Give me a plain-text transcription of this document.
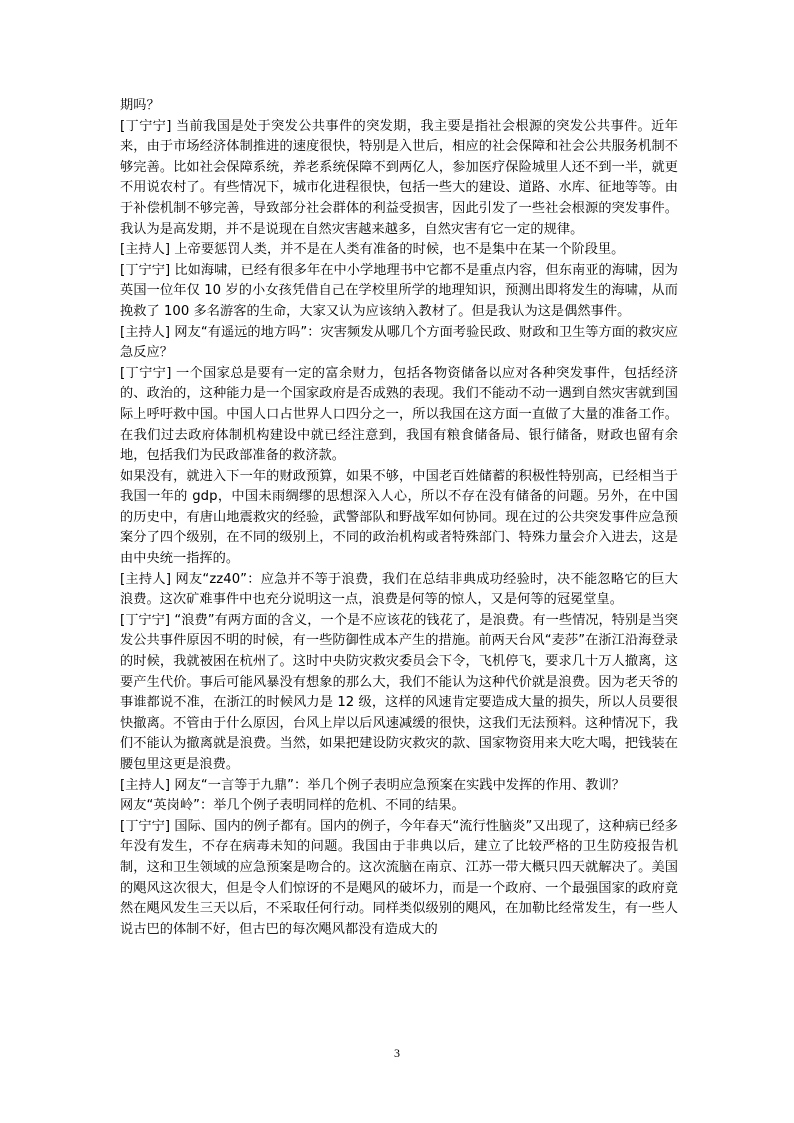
期吗？

[丁宁宁] 当前我国是处于突发公共事件的突发期，我主要是指社会根源的突发公共事件。近年来，由于市场经济体制推进的速度很快，特别是入世后，相应的社会保障和社会公共服务机制不够完善。比如社会保障系统，养老系统保障不到两亿人，参加医疗保险城里人还不到一半，就更不用说农村了。有些情况下，城市化进程很快，包括一些大的建设、道路、水库、征地等等。由于补偿机制不够完善，导致部分社会群体的利益受损害，因此引发了一些社会根源的突发事件。我认为是高发期，并不是说现在自然灾害越来越多，自然灾害有它一定的规律。

[主持人] 上帝要惩罚人类，并不是在人类有准备的时候，也不是集中在某一个阶段里。

[丁宁宁] 比如海啸，已经有很多年在中小学地理书中它都不是重点内容，但东南亚的海啸，因为英国一位年仅 10 岁的小女孩凭借自己在学校里所学的地理知识，预测出即将发生的海啸，从而挽救了 100 多名游客的生命，大家又认为应该纳入教材了。但是我认为这是偶然事件。

[主持人] 网友“有遥远的地方吗”：灾害频发从哪几个方面考验民政、财政和卫生等方面的救灾应急反应？

[丁宁宁] 一个国家总是要有一定的富余财力，包括各物资储备以应对各种突发事件，包括经济的、政治的，这种能力是一个国家政府是否成熟的表现。我们不能动不动一遇到自然灾害就到国际上呼吁救中国。中国人口占世界人口四分之一，所以我国在这方面一直做了大量的准备工作。在我们过去政府体制机构建设中就已经注意到，我国有粮食储备局、银行储备，财政也留有余地，包括我们为民政部准备的救济款。

如果没有，就进入下一年的财政预算，如果不够，中国老百姓储蓄的积极性特别高，已经相当于我国一年的 gdp，中国未雨绸缪的思想深入人心，所以不存在没有储备的问题。另外，在中国的历史中，有唐山地震救灾的经验，武警部队和野战军如何协同。现在过的公共突发事件应急预案分了四个级别，在不同的级别上，不同的政治机构或者特殊部门、特殊力量会介入进去，这是由中央统一指挥的。

[主持人] 网友“zz40”：应急并不等于浪费，我们在总结非典成功经验时，决不能忽略它的巨大浪费。这次矿难事件中也充分说明这一点，浪费是何等的惊人，又是何等的冠冕堂皇。

[丁宁宁] “浪费”有两方面的含义，一个是不应该花的钱花了，是浪费。有一些情况，特别是当突发公共事件原因不明的时候，有一些防御性成本产生的措施。前两天台风“麦莎”在浙江沿海登录的时候，我就被困在杭州了。这时中央防灾救灾委员会下令，飞机停飞，要求几十万人撤离，这要产生代价。事后可能风暴没有想象的那么大，我们不能认为这种代价就是浪费。因为老天爷的事谁都说不准，在浙江的时候风力是 12 级，这样的风速肯定要造成大量的损失，所以人员要很快撤离。不管由于什么原因，台风上岸以后风速减缓的很快，这我们无法预料。这种情况下，我们不能认为撤离就是浪费。当然，如果把建设防灾救灾的款、国家物资用来大吃大喝，把钱装在腰包里这更是浪费。

[主持人] 网友“一言等于九鼎”：举几个例子表明应急预案在实践中发挥的作用、教训？

网友“英岗岭”：举几个例子表明同样的危机、不同的结果。

[丁宁宁] 国际、国内的例子都有。国内的例子，今年春天“流行性脑炎”又出现了，这种病已经多年没有发生，不存在病毒未知的问题。我国由于非典以后，建立了比较严格的卫生防疫报告机制，这和卫生领域的应急预案是吻合的。这次流脑在南京、江苏一带大概只四天就解决了。美国的飓风这次很大，但是令人们惊讶的不是飓风的破坏力，而是一个政府、一个最强国家的政府竟然在飓风发生三天以后，不采取任何行动。同样类似级别的飓风，在加勒比经常发生，有一些人说古巴的体制不好，但古巴的每次飓风都没有造成大的

3
